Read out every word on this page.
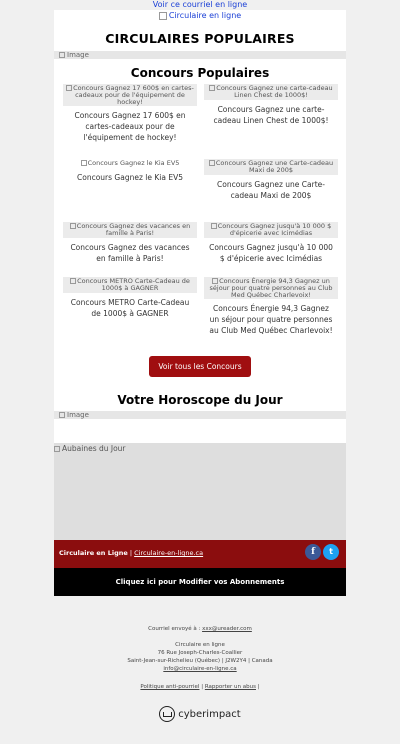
Voir ce courriel en ligne
Circulaire en ligne
CIRCULAIRES POPULAIRES
Image
Concours Populaires
Concours Gagnez 17 600$ en cartes-cadeaux pour de l'équipement de hockey!
Concours Gagnez 17 600$ en cartes-cadeaux pour de l'équipement de hockey!
Concours Gagnez une carte-cadeau Linen Chest de 1000$!
Concours Gagnez une carte-cadeau Linen Chest de 1000$!
Concours Gagnez le Kia EV5
Concours Gagnez le Kia EV5
Concours Gagnez une Carte-cadeau Maxi de 200$
Concours Gagnez une Carte-cadeau Maxi de 200$
Concours Gagnez des vacances en famille à Paris!
Concours Gagnez des vacances en famille à Paris!
Concours Gagnez jusqu'à 10 000 $ d'épicerie avec Icimédias
Concours Gagnez jusqu'à 10 000 $ d'épicerie avec Icimédias
Concours METRO Carte-Cadeau de 1000$ à GAGNER
Concours METRO Carte-Cadeau de 1000$ à GAGNER
Concours Énergie 94,3 Gagnez un séjour pour quatre personnes au Club Med Québec Charlevoix!
Concours Énergie 94,3 Gagnez un séjour pour quatre personnes au Club Med Québec Charlevoix!
Voir tous les Concours
Votre Horoscope du Jour
Image
Aubaines du Jour
Circulaire en Ligne | Circulaire-en-ligne.ca	f	t
Cliquez ici pour Modifier vos Abonnements
Courriel envoyé à : xxx@ureader.com
Circulaire en ligne
76 Rue Joseph-Charles-Coallier
Saint-Jean-sur-Richelieu (Québec) | J2W2Y4 | Canada
info@circulaire-en-ligne.ca
Politique anti-pourriel | Rapporter un abus |
cyberimpact
